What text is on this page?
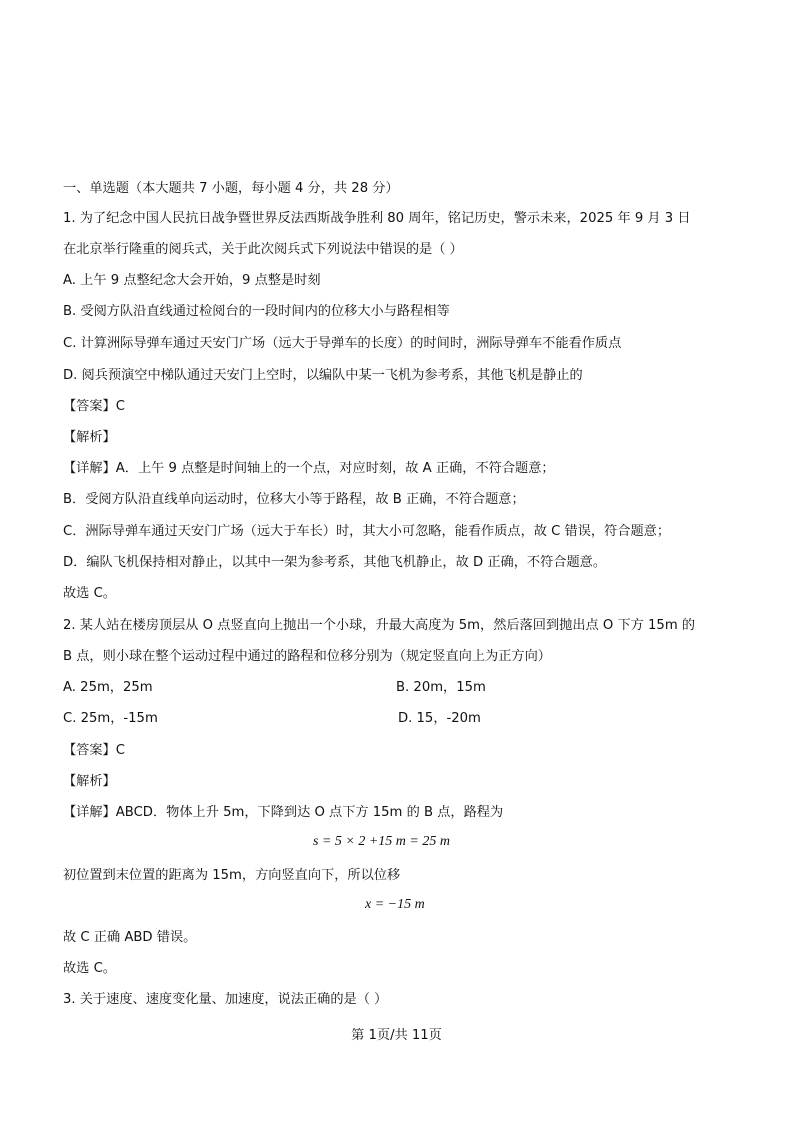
一、单选题（本大题共 7 小题，每小题 4 分，共 28 分）
1. 为了纪念中国人民抗日战争暨世界反法西斯战争胜利 80 周年，铭记历史，警示未来，2025 年 9 月 3 日
在北京举行隆重的阅兵式，关于此次阅兵式下列说法中错误的是（ ）
A. 上午 9 点整纪念大会开始，9 点整是时刻
B. 受阅方队沿直线通过检阅台的一段时间内的位移大小与路程相等
C. 计算洲际导弹车通过天安门广场（远大于导弹车的长度）的时间时，洲际导弹车不能看作质点
D. 阅兵预演空中梯队通过天安门上空时，以编队中某一飞机为参考系，其他飞机是静止的
【答案】C
【解析】
【详解】A．上午 9 点整是时间轴上的一个点，对应时刻，故 A 正确，不符合题意；
B．受阅方队沿直线单向运动时，位移大小等于路程，故 B 正确，不符合题意；
C．洲际导弹车通过天安门广场（远大于车长）时，其大小可忽略，能看作质点，故 C 错误，符合题意；
D．编队飞机保持相对静止，以其中一架为参考系，其他飞机静止，故 D 正确，不符合题意。
故选 C。
2. 某人站在楼房顶层从 O 点竖直向上抛出一个小球，升最大高度为 5m，然后落回到抛出点 O 下方 15m 的
B 点，则小球在整个运动过程中通过的路程和位移分别为（规定竖直向上为正方向）
A. 25m，25m	B. 20m，15m
C. 25m，-15m	D. 15，-20m
【答案】C
【解析】
【详解】ABCD．物体上升 5m，下降到达 O 点下方 15m 的 B 点，路程为
s = 5 × 2 +15 m = 25 m
初位置到末位置的距离为 15m，方向竖直向下，所以位移
x = −15 m
故 C 正确 ABD 错误。
故选 C。
3. 关于速度、速度变化量、加速度，说法正确的是（ ）
第 1页/共 11页
